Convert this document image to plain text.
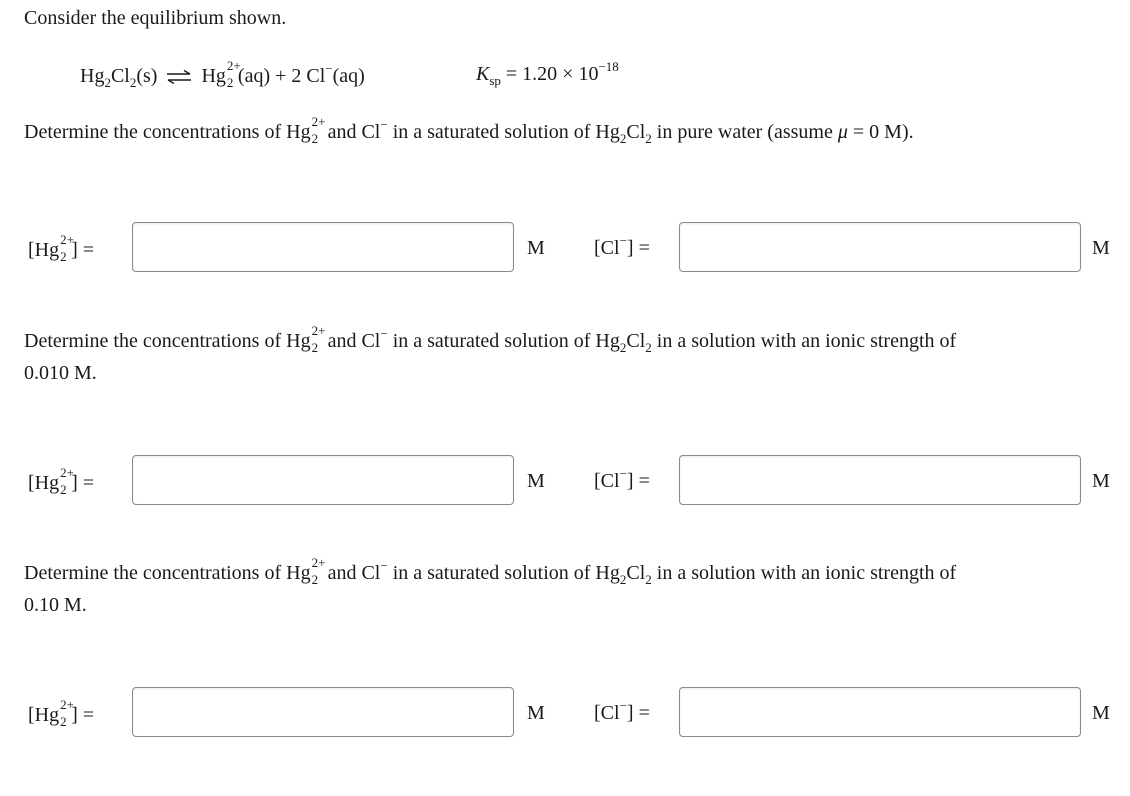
Consider the equilibrium shown.
$Hg_2Cl_2(s)$ ⇌ Hg 2+
2 (aq) + 2 Cl−(aq)	$K_{sp} = 1.20 \times 10^{-18}$
Determine the concentrations of Hg 2+
2 and Cl− in a saturated solution of $Hg_2Cl_2$ in pure water (assume μ = 0 M).
[Hg 2+
2 ] =	M [Cl−] =	M
Determine the concentrations of Hg 2+
2 and Cl− in a saturated solution of $Hg_2Cl_2$ in a solution with an ionic strength of
0.010 M.
[Hg 2+
2 ] =	M [Cl−] =	M
Determine the concentrations of Hg 2+
2 and Cl− in a saturated solution of $Hg_2Cl_2$ in a solution with an ionic strength of
0.10 M.
[Hg 2+
2 ] =	M [Cl−] =	M
